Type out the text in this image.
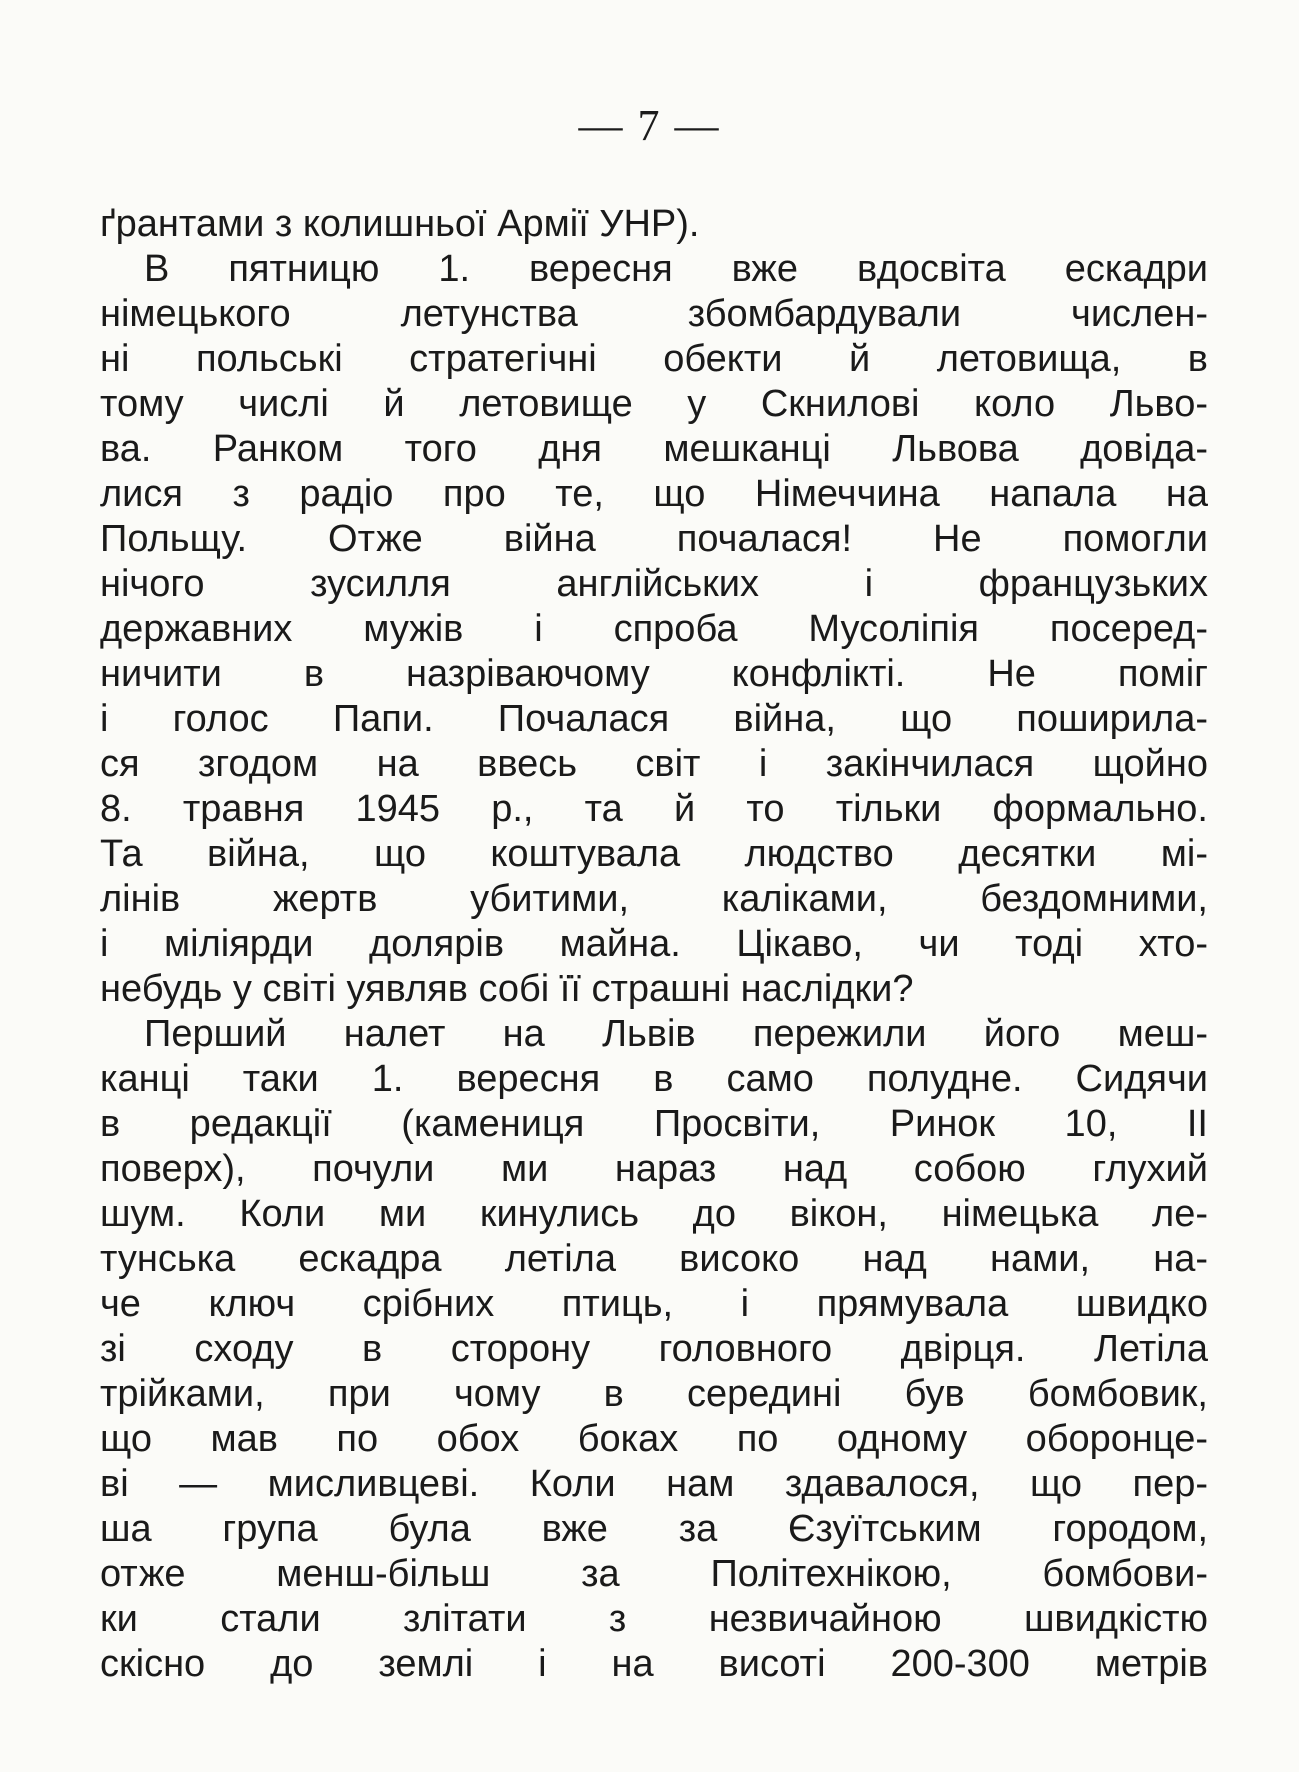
— 7 —
ґрантами з колишньої Армії УНР).
В пятницю 1. вересня вже вдосвіта ескадри
німецького летунства збомбардували числен-
ні польські стратегічні обекти й летовища, в
тому числі й летовище у Скнилові коло Льво-
ва. Ранком того дня мешканці Львова довіда-
лися з радіо про те, що Німеччина напала на
Польщу. Отже війна почалася! Не помогли
нічого зусилля англійських і французьких
державних мужів і спроба Мусоліпія посеред-
ничити в назріваючому конфлікті. Не поміг
і голос Папи. Почалася війна, що поширила-
ся згодом на ввесь світ і закінчилася щойно
8. травня 1945 р., та й то тільки формально.
Та війна, що коштувала людство десятки мі-
лінів жертв убитими, каліками, бездомними,
і міліярди долярів майна. Цікаво, чи тоді хто-
небудь у світі уявляв собі її страшні наслідки?
Перший налет на Львів пережили його меш-
канці таки 1. вересня в само полудне. Сидячи
в редакції (камениця Просвіти, Ринок 10, II
поверх), почули ми нараз над собою глухий
шум. Коли ми кинулись до вікон, німецька ле-
тунська ескадра летіла високо над нами, на-
че ключ срібних птиць, і прямувала швидко
зі сходу в сторону головного двірця. Летіла
трійками, при чому в середині був бомбовик,
що мав по обох боках по одному оборонце-
ві — мисливцеві. Коли нам здавалося, що пер-
ша група була вже за Єзуїтським городом,
отже менш-більш за Політехнікою, бомбови-
ки стали злітати з незвичайною швидкістю
скісно до землі і на висоті 200-300 метрів
